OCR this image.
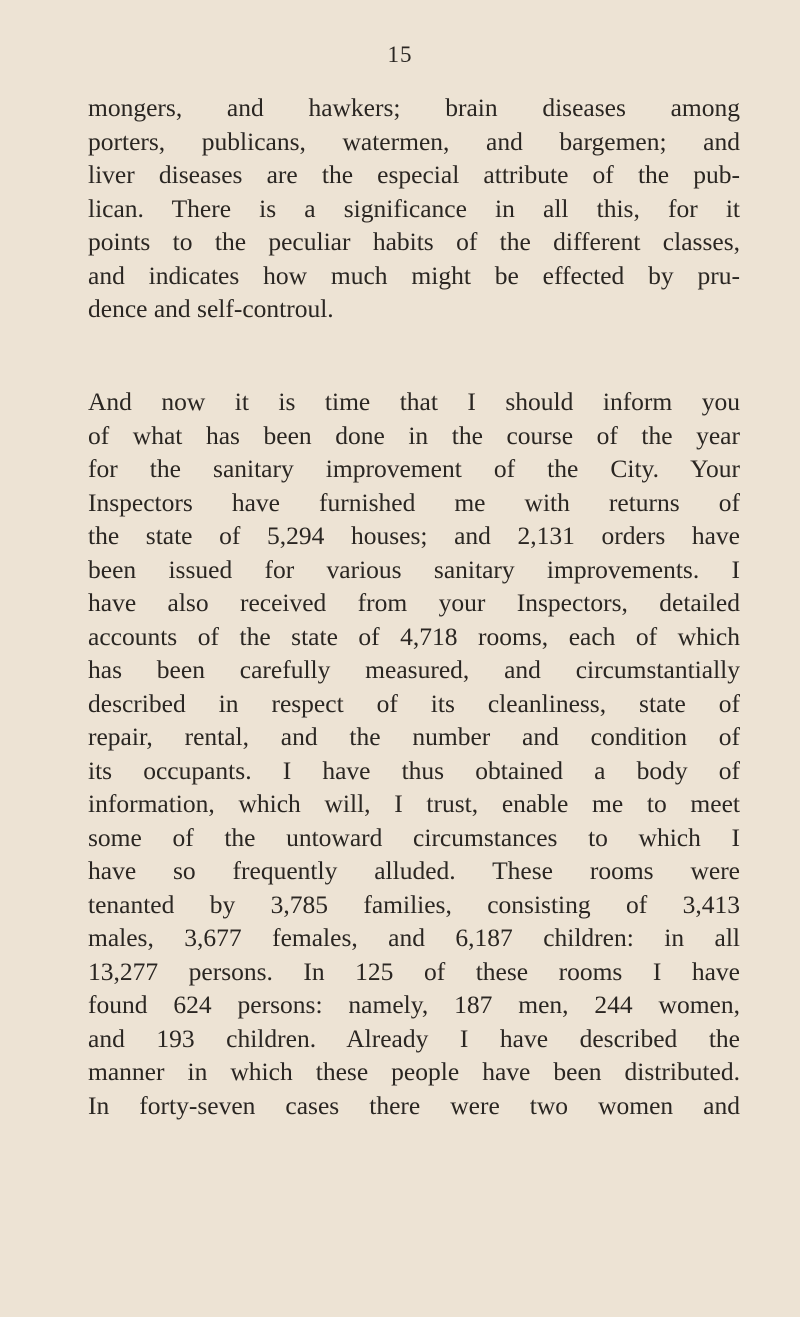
15
mongers, and hawkers; brain diseases among
porters, publicans, watermen, and bargemen; and
liver diseases are the especial attribute of the pub-
lican. There is a significance in all this, for it
points to the peculiar habits of the different classes,
and indicates how much might be effected by pru-
dence and self-controul.
And now it is time that I should inform you
of what has been done in the course of the year
for the sanitary improvement of the City. Your
Inspectors have furnished me with returns of
the state of 5,294 houses; and 2,131 orders have
been issued for various sanitary improvements. I
have also received from your Inspectors, detailed
accounts of the state of 4,718 rooms, each of which
has been carefully measured, and circumstantially
described in respect of its cleanliness, state of
repair, rental, and the number and condition of
its occupants. I have thus obtained a body of
information, which will, I trust, enable me to meet
some of the untoward circumstances to which I
have so frequently alluded. These rooms were
tenanted by 3,785 families, consisting of 3,413
males, 3,677 females, and 6,187 children: in all
13,277 persons. In 125 of these rooms I have
found 624 persons: namely, 187 men, 244 women,
and 193 children. Already I have described the
manner in which these people have been distributed.
In forty-seven cases there were two women and
